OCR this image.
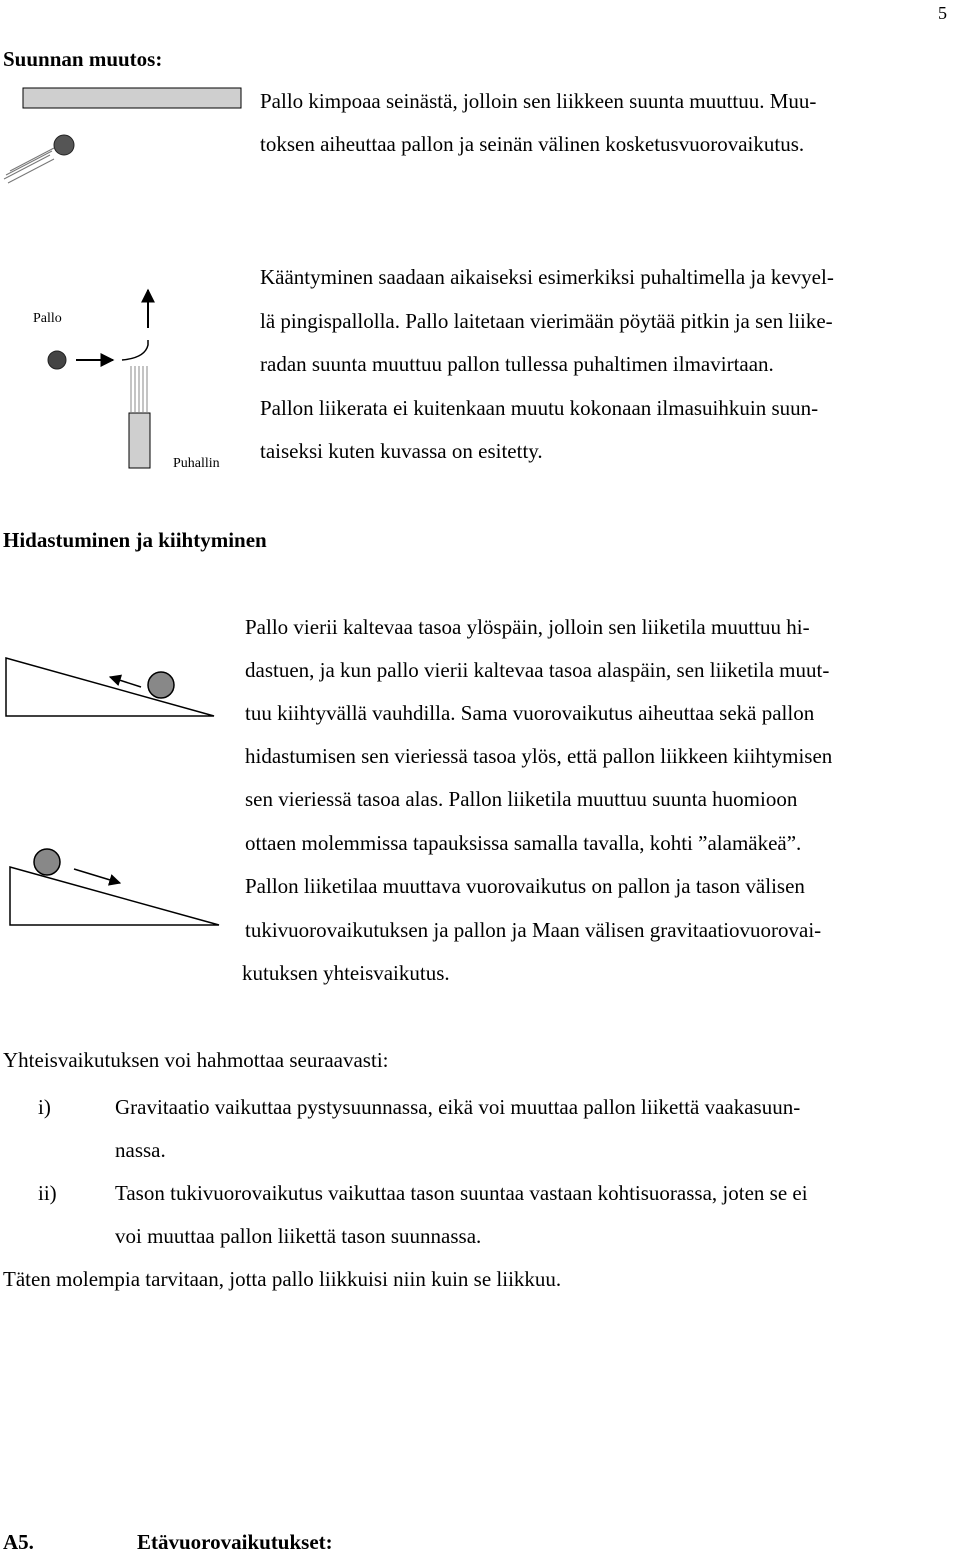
5
Suunnan muutos:
Pallo kimpoaa seinästä, jolloin sen liikkeen suunta muuttuu. Muu-
toksen aiheuttaa pallon ja seinän välinen kosketusvuorovaikutus.
Pallo
Puhallin
Kääntyminen saadaan aikaiseksi esimerkiksi puhaltimella ja kevyel-
lä pingispallolla. Pallo laitetaan vierimään pöytää pitkin ja sen liike-
radan suunta muuttuu pallon tullessa puhaltimen ilmavirtaan.
Pallon liikerata ei kuitenkaan muutu kokonaan ilmasuihkuin suun-
taiseksi kuten kuvassa on esitetty.
Hidastuminen ja kiihtyminen
Pallo vierii kaltevaa tasoa ylöspäin, jolloin sen liiketila muuttuu hi-
dastuen, ja kun pallo vierii kaltevaa tasoa alaspäin, sen liiketila muut-
tuu kiihtyvällä vauhdilla. Sama vuorovaikutus aiheuttaa sekä pallon
hidastumisen sen vieriessä tasoa ylös, että pallon liikkeen kiihtymisen
sen vieriessä tasoa alas. Pallon liiketila muuttuu suunta huomioon
ottaen molemmissa tapauksissa samalla tavalla, kohti ”alamäkeä”.
Pallon liiketilaa muuttava vuorovaikutus on pallon ja tason välisen
tukivuorovaikutuksen ja pallon ja Maan välisen gravitaatiovuorovai-
kutuksen yhteisvaikutus.
Yhteisvaikutuksen voi hahmottaa seuraavasti:
i)	Gravitaatio vaikuttaa pystysuunnassa, eikä voi muuttaa pallon liikettä vaakasuun-
nassa.
ii)	Tason tukivuorovaikutus vaikuttaa tason suuntaa vastaan kohtisuorassa, joten se ei
voi muuttaa pallon liikettä tason suunnassa.
Täten molempia tarvitaan, jotta pallo liikkuisi niin kuin se liikkuu.
A5.	Etävuorovaikutukset:
